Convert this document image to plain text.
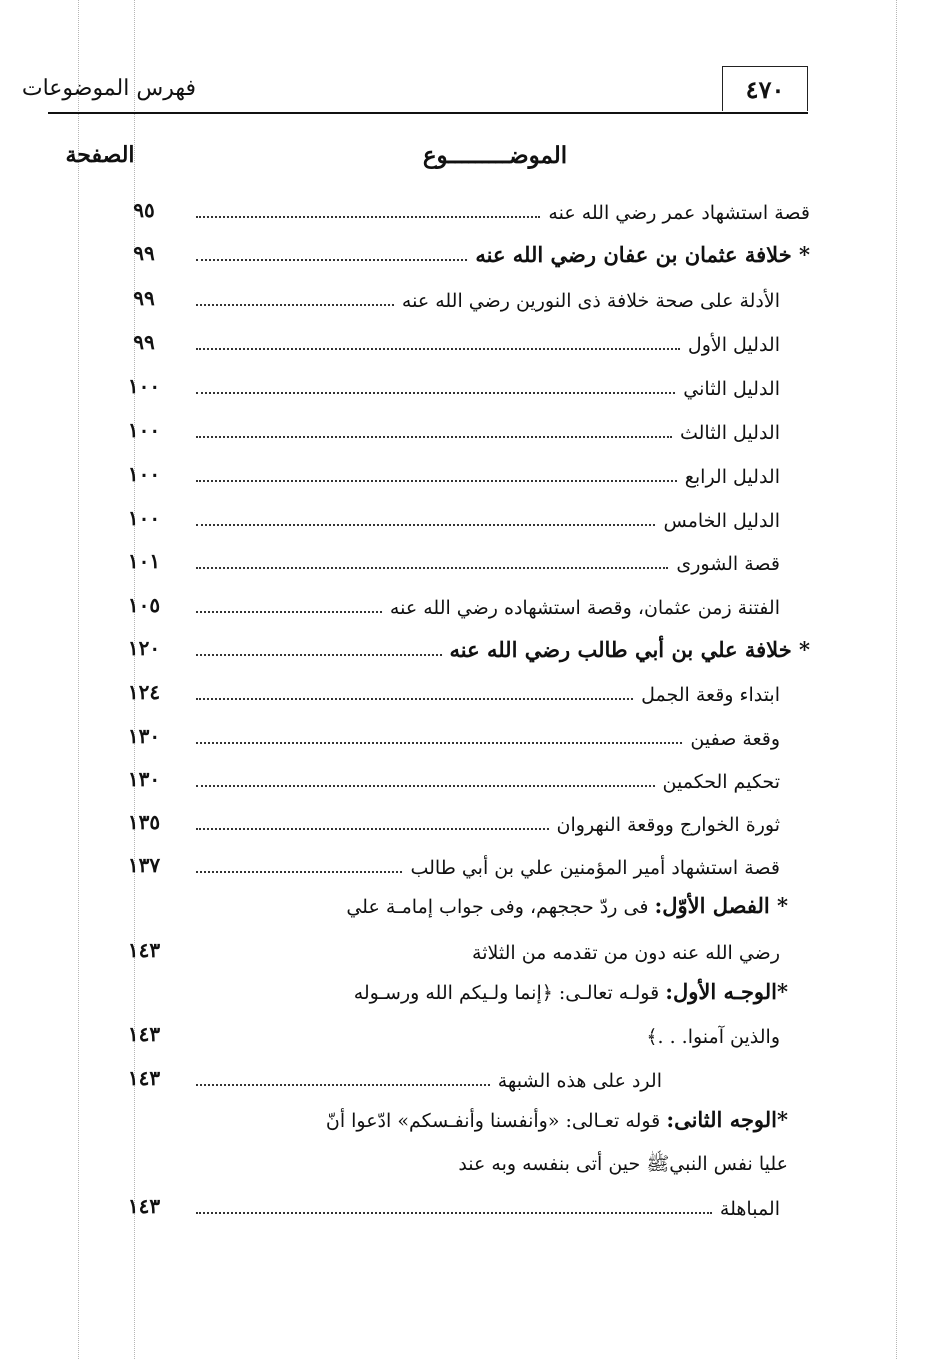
٤٧٠
فهرس الموضوعات
الموضـــــــــوع
الصفحة
٩٥	قصة استشهاد عمر رضي الله عنه
٩٩	* خلافة عثمان بن عفان رضي الله عنه
٩٩	الأدلة على صحة خلافة ذى النورين رضي الله عنه
٩٩	الدليل الأول
١٠٠	الدليل الثاني
١٠٠	الدليل الثالث
١٠٠	الدليل الرابع
١٠٠	الدليل الخامس
١٠١	قصة الشورى
١٠٥	الفتنة زمن عثمان، وقصة استشهاده رضي الله عنه
١٢٠	* خلافة علي بن أبي طالب رضي الله عنه
١٢٤	ابتداء وقعة الجمل
١٣٠	وقعة صفين
١٣٠	تحكيم الحكمين
١٣٥	ثورة الخوارج ووقعة النهروان
١٣٧	قصة استشهاد أمير المؤمنين علي بن أبي طالب
* الفصل الأوّل: فى ردّ حججهم، وفى جواب إمامـة علي
١٤٣	رضي الله عنه دون من تقدمه من الثلاثة
*الوجـه الأول: قولـه تعالـى: ﴿إنما ولـيكم الله ورسـوله
١٤٣	والذين آمنوا. . .﴾
١٤٣	الرد على هذه الشبهة
*الوجه الثانى: قوله تعـالى: «وأنفسنا وأنفـسكم» ادّعوا أنّ
عليا نفس النبيﷺ حين أتى بنفسه وبه عند
١٤٣	المباهلة
